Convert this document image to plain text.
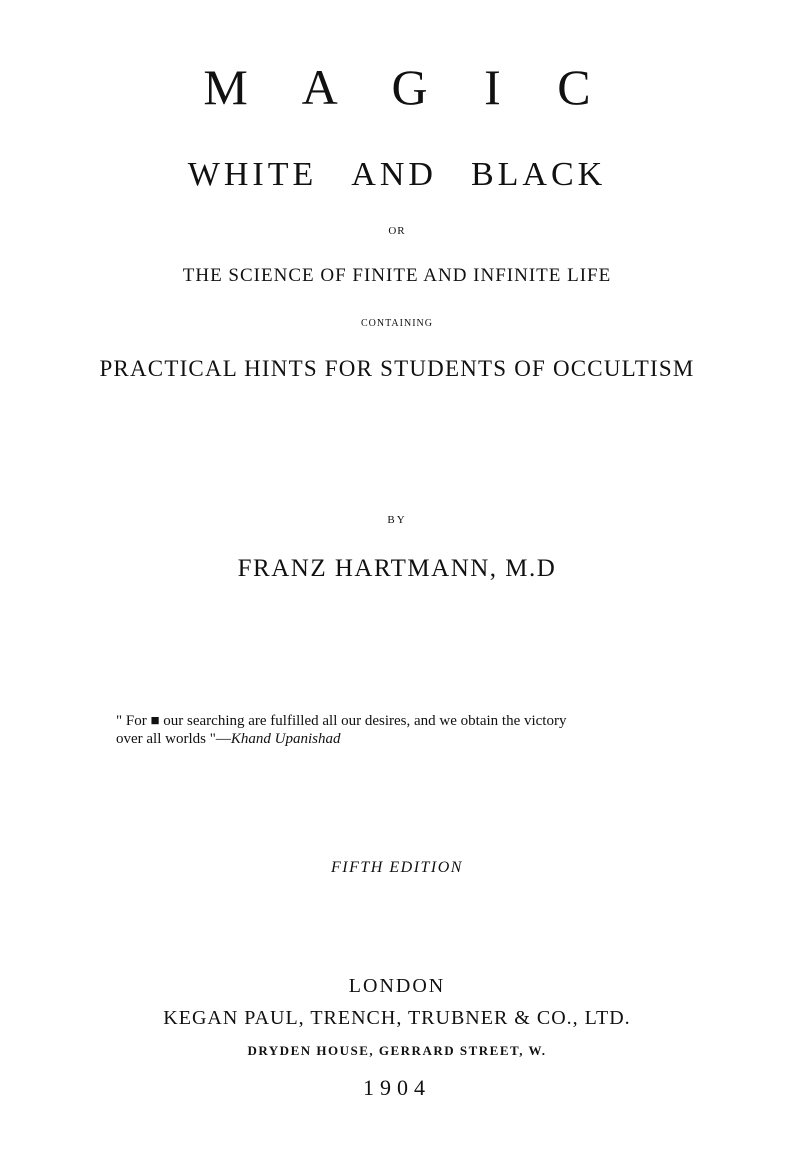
M A G I C
WHITE AND BLACK
OR
THE SCIENCE OF FINITE AND INFINITE LIFE
CONTAINING
PRACTICAL HINTS FOR STUDENTS OF OCCULTISM
BY
FRANZ HARTMANN, M.D
" For ■ our searching are fulfilled all our desires, and we obtain the victory
over all worlds "—Khand Upanishad
FIFTH EDITION
LONDON
KEGAN PAUL, TRENCH, TRUBNER & CO., LTD.
DRYDEN HOUSE, GERRARD STREET, W.
1904
